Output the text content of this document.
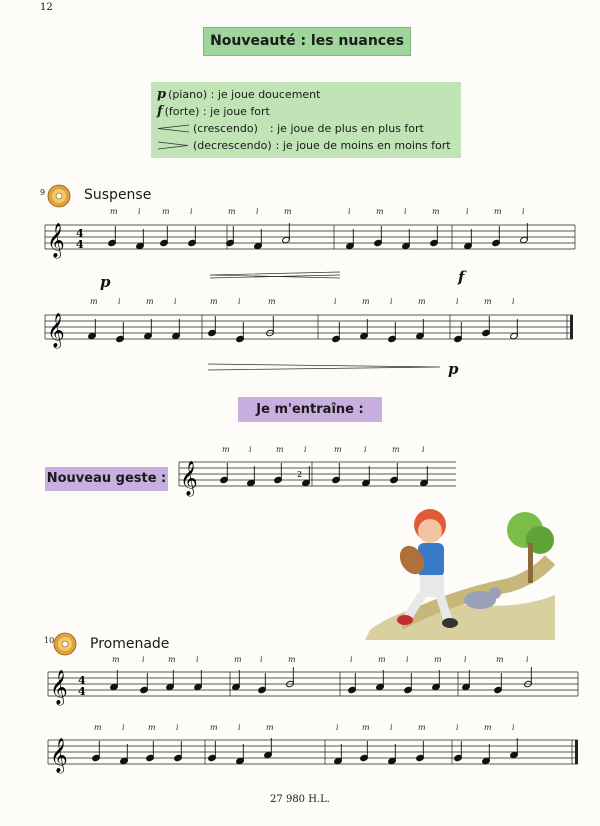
12
Nouveauté : les nuances
p (piano) : je joue doucement
f (forte) : je joue fort
(crescendo) : je joue de plus en plus fort
(decrescendo) : je joue de moins en moins fort
9	Suspense
𝄞 4
4
m	i	m	i	m	i	m	i	m	i	m	i	m	i
p	f
𝄞
m	i	m	i	m	i	m	i	m	i	m	i	m	i
p
Je m'entraîne :
Nouveau geste : 𝄞
m i	m	i	m	i	m	i
2
10	Promenade
𝄞 4
4
m	i	m	i	m i	m	i	m	i	m	i	m	i
𝄞
m	i	m	i	m	i	m	i	m	i	m	i	m	i
27 980 H.L.
